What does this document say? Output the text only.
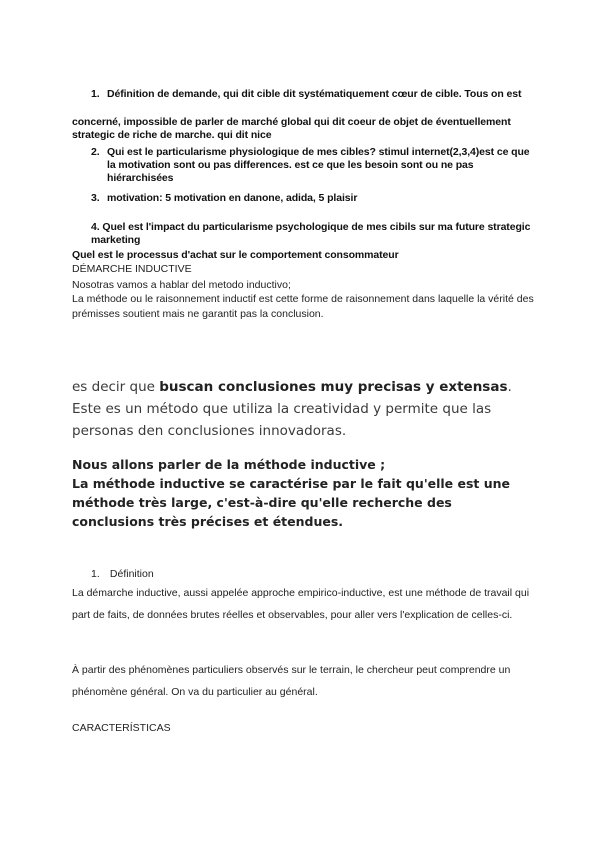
1. Définition de demande, qui dit cible dit systématiquement cœur de cible. Tous on est
concerné, impossible de parler de marché global qui dit coeur de objet de éventuellement strategic de riche de marche. qui dit nice
2. Qui est le particularisme physiologique de mes cibles? stimul internet(2,3,4)est ce que la motivation sont ou pas differences. est ce que les besoin sont ou ne pas hiérarchisées
3. motivation: 5 motivation en danone, adida, 5 plaisir
4. Quel est l'impact du particularisme psychologique de mes cibils sur ma future strategic marketing
Quel est le processus d'achat sur le comportement consommateur
DÉMARCHE INDUCTIVE
Nosotras vamos a hablar del metodo inductivo;
La méthode ou le raisonnement inductif est cette forme de raisonnement dans laquelle la vérité des prémisses soutient mais ne garantit pas la conclusion.
es decir que buscan conclusiones muy precisas y extensas. Este es un método que utiliza la creatividad y permite que las personas den conclusiones innovadoras.
Nous allons parler de la méthode inductive ;
La méthode inductive se caractérise par le fait qu'elle est une méthode très large, c'est-à-dire qu'elle recherche des conclusions très précises et étendues.
1. Définition
La démarche inductive, aussi appelée approche empirico-inductive, est une méthode de travail qui part de faits, de données brutes réelles et observables, pour aller vers l'explication de celles-ci.
À partir des phénomènes particuliers observés sur le terrain, le chercheur peut comprendre un phénomène général. On va du particulier au général.
CARACTERÍSTICAS
